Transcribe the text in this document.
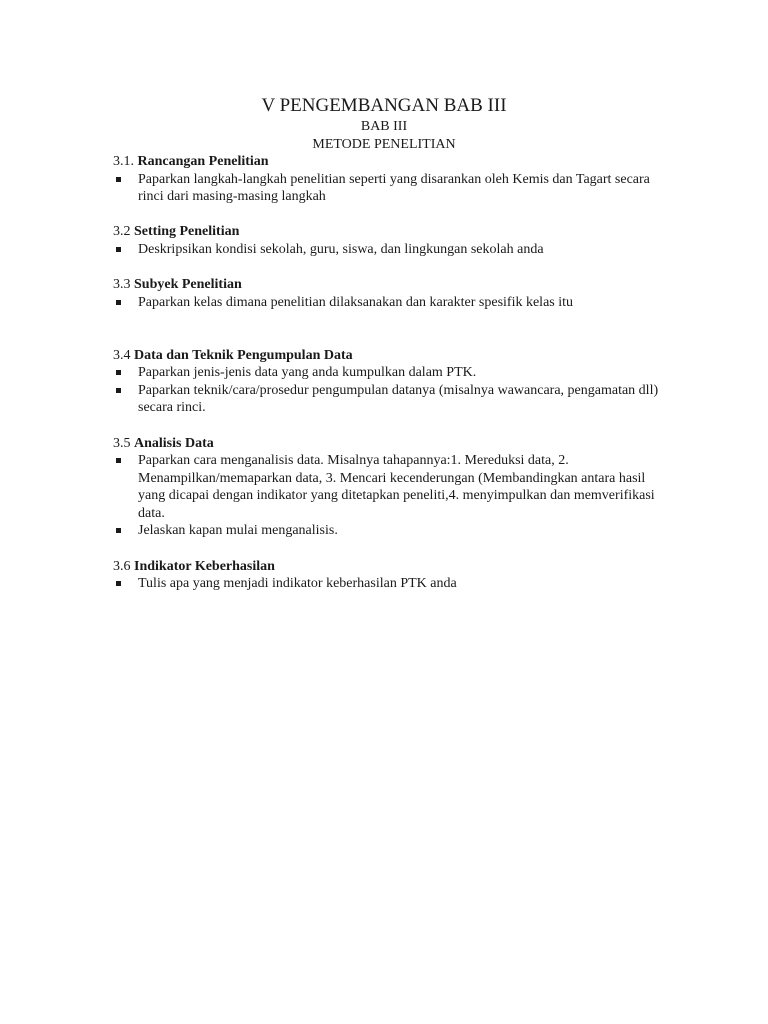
V PENGEMBANGAN BAB III
BAB III
METODE PENELITIAN

3.1. Rancangan Penelitian

Paparkan langkah-langkah penelitian seperti yang disarankan oleh Kemis dan Tagart secara rinci dari masing-masing langkah

3.2 Setting Penelitian

Deskripsikan kondisi sekolah, guru, siswa, dan lingkungan sekolah anda

3.3 Subyek Penelitian

Paparkan kelas dimana penelitian dilaksanakan dan karakter spesifik kelas itu

3.4 Data dan Teknik Pengumpulan Data

Paparkan jenis-jenis data yang anda kumpulkan dalam PTK.
Paparkan teknik/cara/prosedur pengumpulan datanya (misalnya wawancara, pengamatan dll) secara rinci.

3.5 Analisis Data

Paparkan cara menganalisis data. Misalnya tahapannya:1. Mereduksi data, 2. Menampilkan/memaparkan data, 3. Mencari kecenderungan (Membandingkan antara hasil yang dicapai dengan indikator yang ditetapkan peneliti,4. menyimpulkan dan memverifikasi data.
Jelaskan kapan mulai menganalisis.

3.6 Indikator Keberhasilan

Tulis apa yang menjadi indikator keberhasilan PTK anda
